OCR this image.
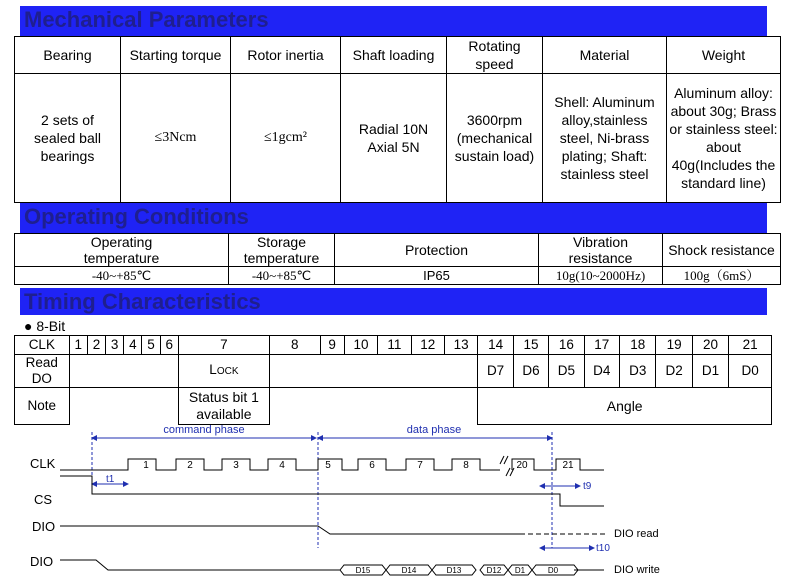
Mechanical Parameters
Bearing	Starting torque	Rotor inertia	Shaft loading	Rotating speed	Material	Weight
2 sets of sealed ball bearings	≤3Ncm	≤1gcm²	Radial 10N Axial 5N	3600rpm (mechanical sustain load)	Shell: Aluminum alloy,stainless steel, Ni-brass plating; Shaft: stainless steel	Aluminum alloy: about 30g; Brass or stainless steel: about 40g(Includes the standard line)
Operating Conditions
Operating temperature	Storage temperature	Protection	Vibration resistance	Shock resistance
-40~+85℃	-40~+85℃	IP65	10g(10~2000Hz)	100g（6mS）
Timing Characteristics
● 8-Bit
CLK	1	2	3	4	5	6	7	8	9	10	11	12	13	14	15	16	17	18	19	20	21
Read DO							LOCK							D7	D6	D5	D4	D3	D2	D1	D0
Note							Status bit 1 available							Angle							
command phase	data phase
CLK
CS
DIO
DIO
1	2	3	4	5	6	7	8	20	21
t1
t9
DIO read
t10
D15	D14	D13	D12 D1	D0	DIO write
